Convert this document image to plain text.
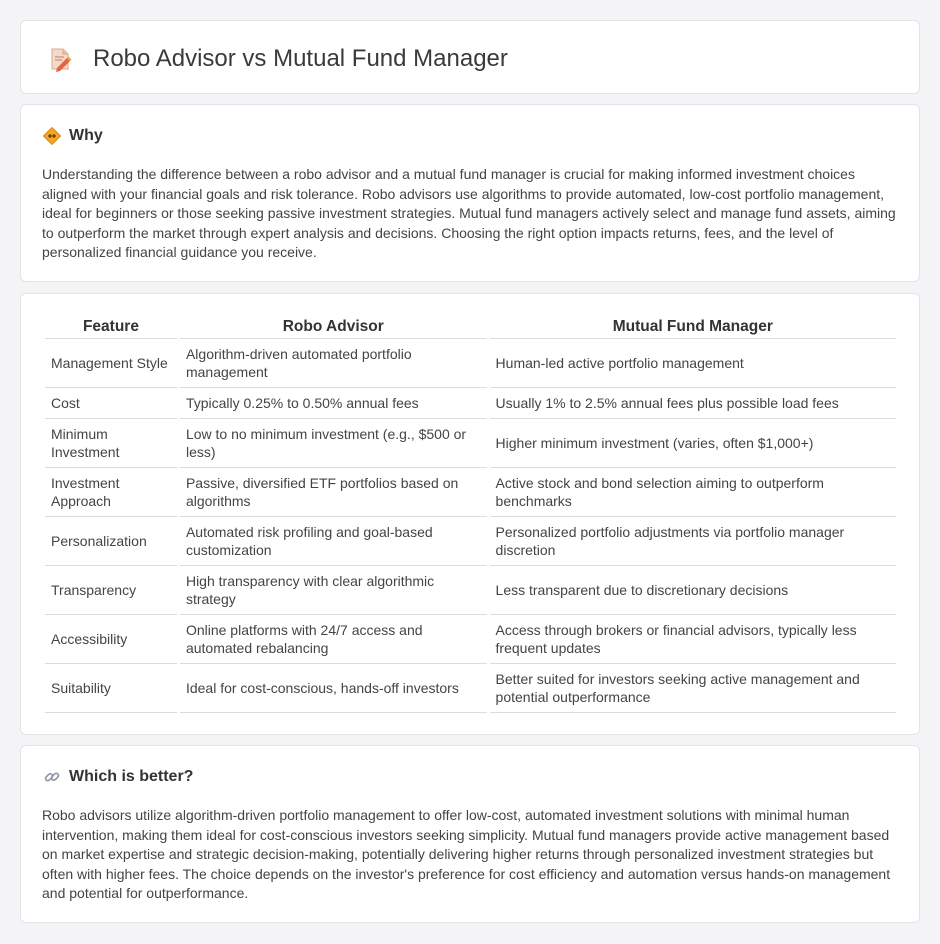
Robo Advisor vs Mutual Fund Manager
Why

Understanding the difference between a robo advisor and a mutual fund manager is crucial for making informed investment choices aligned with your financial goals and risk tolerance. Robo advisors use algorithms to provide automated, low-cost portfolio management, ideal for beginners or those seeking passive investment strategies. Mutual fund managers actively select and manage fund assets, aiming to outperform the market through expert analysis and decisions. Choosing the right option impacts returns, fees, and the level of personalized financial guidance you receive.

Feature	Robo Advisor	Mutual Fund Manager
Management Style	Algorithm-driven automated portfolio management	Human-led active portfolio management
Cost	Typically 0.25% to 0.50% annual fees	Usually 1% to 2.5% annual fees plus possible load fees
Minimum Investment	Low to no minimum investment (e.g., $500 or less)	Higher minimum investment (varies, often $1,000+)
Investment Approach	Passive, diversified ETF portfolios based on algorithms	Active stock and bond selection aiming to outperform benchmarks
Personalization	Automated risk profiling and goal-based customization	Personalized portfolio adjustments via portfolio manager discretion
Transparency	High transparency with clear algorithmic strategy	Less transparent due to discretionary decisions
Accessibility	Online platforms with 24/7 access and automated rebalancing	Access through brokers or financial advisors, typically less frequent updates
Suitability	Ideal for cost-conscious, hands-off investors	Better suited for investors seeking active management and potential outperformance
Which is better?

Robo advisors utilize algorithm-driven portfolio management to offer low-cost, automated investment solutions with minimal human intervention, making them ideal for cost-conscious investors seeking simplicity. Mutual fund managers provide active management based on market expertise and strategic decision-making, potentially delivering higher returns through personalized investment strategies but often with higher fees. The choice depends on the investor's preference for cost efficiency and automation versus hands-on management and potential for outperformance.
